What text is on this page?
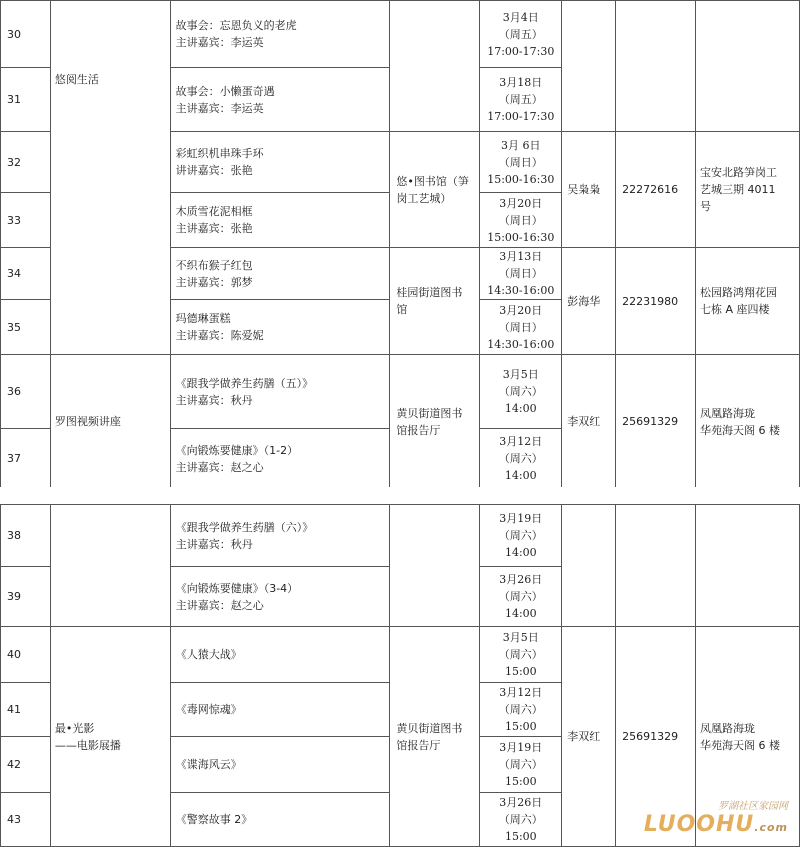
30	悠阅生活	故事会：忘恩负义的老虎
主讲嘉宾：李运英		3月4日
（周五）
17:00-17:30			

31		故事会：小懒蛋奇遇
主讲嘉宾：李运英		3月18日
（周五）
17:00-17:30			

32		彩虹织机串珠手环
讲讲嘉宾：张艳	悠•图书馆（笋
岗工艺城）	3月 6日
（周日）
15:00-16:30	吴枭枭	22272616	宝安北路笋岗工
艺城三期 4011
号

33		木质雪花泥相框
主讲嘉宾：张艳		3月20日
（周日）
15:00-16:30			

34		不织布猴子红包
主讲嘉宾：郭梦	桂园街道图书
馆	3月13日
（周日）
14:30-16:00	彭海华	22231980	松园路鸿翔花园
七栋 A 座四楼

35		玛德琳蛋糕
主讲嘉宾：陈爱妮		3月20日
（周日）
14:30-16:00			

36	罗图视频讲座	《跟我学做养生药膳（五）》
主讲嘉宾：秋丹	黄贝街道图书
馆报告厅	3月5日
（周六）
14:00	李双红	25691329	凤凰路海珑
华苑海天阁 6 楼

37		《向锻炼要健康》（1-2）
主讲嘉宾：赵之心		3月12日
（周六）
14:00			
38		《跟我学做养生药膳（六）》
主讲嘉宾：秋丹		3月19日
（周六）
14:00			

39		《向锻炼要健康》（3-4）
主讲嘉宾：赵之心		3月26日
（周六）
14:00			

40	最•光影
——电影展播	《人猿大战》	黄贝街道图书
馆报告厅	3月5日
（周六）
15:00	李双红	25691329	凤凰路海珑
华苑海天阁 6 楼

41		《毒网惊魂》		3月12日
（周六）
15:00			

42		《谍海风云》		3月19日
（周六）
15:00			

43		《警察故事 2》		3月26日
（周六）
15:00			
罗湖社区家园网
LUOOHU.com
